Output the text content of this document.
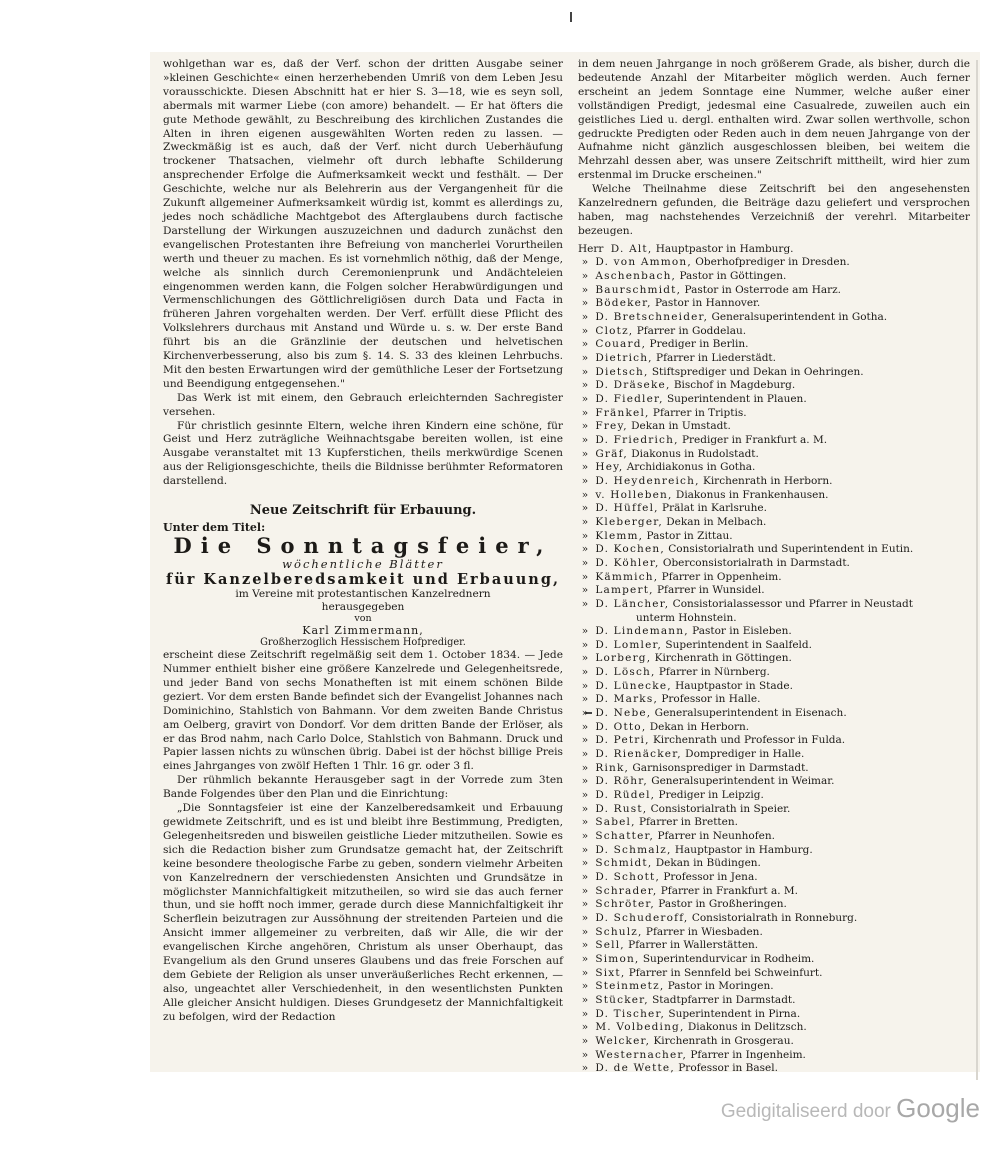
wohlgethan war es, daß der Verf. schon der dritten Ausgabe seiner »kleinen Geschichte« einen herzerhebenden Umriß von dem Leben Jesu vorausschickte. Diesen Abschnitt hat er hier S. 3—18, wie es seyn soll, abermals mit warmer Liebe (con amore) behandelt. — Er hat öfters die gute Methode gewählt, zu Beschreibung des kirchlichen Zustandes die Alten in ihren eigenen ausgewählten Worten reden zu lassen. — Zweckmäßig ist es auch, daß der Verf. nicht durch Ueberhäufung trockener Thatsachen, vielmehr oft durch lebhafte Schilderung ansprechender Erfolge die Aufmerksamkeit weckt und festhält. — Der Geschichte, welche nur als Belehrerin aus der Vergangenheit für die Zukunft allgemeiner Aufmerksamkeit würdig ist, kommt es allerdings zu, jedes noch schädliche Machtgebot des Afterglaubens durch factische Darstellung der Wirkungen auszuzeichnen und dadurch zunächst den evangelischen Protestanten ihre Befreiung von mancherlei Vorurtheilen werth und theuer zu machen. Es ist vornehmlich nöthig, daß der Menge, welche als sinnlich durch Ceremonienprunk und Andächteleien eingenommen werden kann, die Folgen solcher Herabwürdigungen und Vermenschlichungen des Göttlichreligiösen durch Data und Facta in früheren Jahren vorgehalten werden. Der Verf. erfüllt diese Pflicht des Volkslehrers durchaus mit Anstand und Würde u. s. w. Der erste Band führt bis an die Gränzlinie der deutschen und helvetischen Kirchenverbesserung, also bis zum §. 14. S. 33 des kleinen Lehrbuchs. Mit den besten Erwartungen wird der gemüthliche Leser der Fortsetzung und Beendigung entgegensehen."

Das Werk ist mit einem, den Gebrauch erleichternden Sachregister versehen.

Für christlich gesinnte Eltern, welche ihren Kindern eine schöne, für Geist und Herz zuträgliche Weihnachtsgabe bereiten wollen, ist eine Ausgabe veranstaltet mit 13 Kupferstichen, theils merkwürdige Scenen aus der Religionsgeschichte, theils die Bildnisse berühmter Reformatoren darstellend.

Neue Zeitschrift für Erbauung.
Unter dem Titel:
Die Sonntagsfeier,
wöchentliche Blätter
für Kanzelberedsamkeit und Erbauung,
im Vereine mit protestantischen Kanzelrednern
herausgegeben
von
Karl Zimmermann,
Großherzoglich Hessischem Hofprediger.

erscheint diese Zeitschrift regelmäßig seit dem 1. October 1834. — Jede Nummer enthielt bisher eine größere Kanzelrede und Gelegenheitsrede, und jeder Band von sechs Monatheften ist mit einem schönen Bilde geziert. Vor dem ersten Bande befindet sich der Evangelist Johannes nach Dominichino, Stahlstich von Bahmann. Vor dem zweiten Bande Christus am Oelberg, gravirt von Dondorf. Vor dem dritten Bande der Erlöser, als er das Brod nahm, nach Carlo Dolce, Stahlstich von Bahmann. Druck und Papier lassen nichts zu wünschen übrig. Dabei ist der höchst billige Preis eines Jahrganges von zwölf Heften 1 Thlr. 16 gr. oder 3 fl.

Der rühmlich bekannte Herausgeber sagt in der Vorrede zum 3ten Bande Folgendes über den Plan und die Einrichtung:

„Die Sonntagsfeier ist eine der Kanzelberedsamkeit und Erbauung gewidmete Zeitschrift, und es ist und bleibt ihre Bestimmung, Predigten, Gelegenheitsreden und bisweilen geistliche Lieder mitzutheilen. Sowie es sich die Redaction bisher zum Grundsatze gemacht hat, der Zeitschrift keine besondere theologische Farbe zu geben, sondern vielmehr Arbeiten von Kanzelrednern der verschiedensten Ansichten und Grundsätze in möglichster Mannichfaltigkeit mitzutheilen, so wird sie das auch ferner thun, und sie hofft noch immer, gerade durch diese Mannichfaltigkeit ihr Scherflein beizutragen zur Aussöhnung der streitenden Parteien und die Ansicht immer allgemeiner zu verbreiten, daß wir Alle, die wir der evangelischen Kirche angehören, Christum als unser Oberhaupt, das Evangelium als den Grund unseres Glaubens und das freie Forschen auf dem Gebiete der Religion als unser unveräußerliches Recht erkennen, — also, ungeachtet aller Verschiedenheit, in den wesentlichsten Punkten Alle gleicher Ansicht huldigen. Dieses Grundgesetz der Mannichfaltigkeit zu befolgen, wird der Redaction

in dem neuen Jahrgange in noch größerem Grade, als bisher, durch die bedeutende Anzahl der Mitarbeiter möglich werden. Auch ferner erscheint an jedem Sonntage eine Nummer, welche außer einer vollständigen Predigt, jedesmal eine Casualrede, zuweilen auch ein geistliches Lied u. dergl. enthalten wird. Zwar sollen werthvolle, schon gedruckte Predigten oder Reden auch in dem neuen Jahrgange von der Aufnahme nicht gänzlich ausgeschlossen bleiben, bei weitem die Mehrzahl dessen aber, was unsere Zeitschrift mittheilt, wird hier zum erstenmal im Drucke erscheinen."

Welche Theilnahme diese Zeitschrift bei den angesehensten Kanzelrednern gefunden, die Beiträge dazu geliefert und versprochen haben, mag nachstehendes Verzeichniß der verehrl. Mitarbeiter bezeugen.

Herr D. Alt, Hauptpastor in Hamburg.
» D. von Ammon, Oberhofprediger in Dresden.
» Aschenbach, Pastor in Göttingen.
» Baurschmidt, Pastor in Osterrode am Harz.
» Bödeker, Pastor in Hannover.
» D. Bretschneider, Generalsuperintendent in Gotha.
» Clotz, Pfarrer in Goddelau.
» Couard, Prediger in Berlin.
» Dietrich, Pfarrer in Liederstädt.
» Dietsch, Stiftsprediger und Dekan in Oehringen.
» D. Dräseke, Bischof in Magdeburg.
» D. Fiedler, Superintendent in Plauen.
» Fränkel, Pfarrer in Triptis.
» Frey, Dekan in Umstadt.
» D. Friedrich, Prediger in Frankfurt a. M.
» Gräf, Diakonus in Rudolstadt.
» Hey, Archidiakonus in Gotha.
» D. Heydenreich, Kirchenrath in Herborn.
» v. Holleben, Diakonus in Frankenhausen.
» D. Hüffel, Prälat in Karlsruhe.
» Kleberger, Dekan in Melbach.
» Klemm, Pastor in Zittau.
» D. Kochen, Consistorialrath und Superintendent in Eutin.
» D. Köhler, Oberconsistorialrath in Darmstadt.
» Kämmich, Pfarrer in Oppenheim.
» Lampert, Pfarrer in Wunsidel.
» D. Läncher, Consistorialassessor und Pfarrer in Neustadt
unterm Hohnstein.
» D. Lindemann, Pastor in Eisleben.
» D. Lomler, Superintendent in Saalfeld.
» Lorberg, Kirchenrath in Göttingen.
» D. Lösch, Pfarrer in Nürnberg.
» D. Lünecke, Hauptpastor in Stade.
» D. Marks, Professor in Halle.
» D. Nebe, Generalsuperintendent in Eisenach.
» D. Otto, Dekan in Herborn.
» D. Petri, Kirchenrath und Professor in Fulda.
» D. Rienäcker, Domprediger in Halle.
» Rink, Garnisonsprediger in Darmstadt.
» D. Röhr, Generalsuperintendent in Weimar.
» D. Rüdel, Prediger in Leipzig.
» D. Rust, Consistorialrath in Speier.
» Sabel, Pfarrer in Bretten.
» Schatter, Pfarrer in Neunhofen.
» D. Schmalz, Hauptpastor in Hamburg.
» Schmidt, Dekan in Büdingen.
» D. Schott, Professor in Jena.
» Schrader, Pfarrer in Frankfurt a. M.
» Schröter, Pastor in Großheringen.
» D. Schuderoff, Consistorialrath in Ronneburg.
» Schulz, Pfarrer in Wiesbaden.
» Sell, Pfarrer in Wallerstätten.
» Simon, Superintendurvicar in Rodheim.
» Sixt, Pfarrer in Sennfeld bei Schweinfurt.
» Steinmetz, Pastor in Moringen.
» Stücker, Stadtpfarrer in Darmstadt.
» D. Tischer, Superintendent in Pirna.
» M. Volbeding, Diakonus in Delitzsch.
» Welcker, Kirchenrath in Grosgerau.
» Westernacher, Pfarrer in Ingenheim.
» D. de Wette, Professor in Basel.
Gedigitaliseerd door Google
